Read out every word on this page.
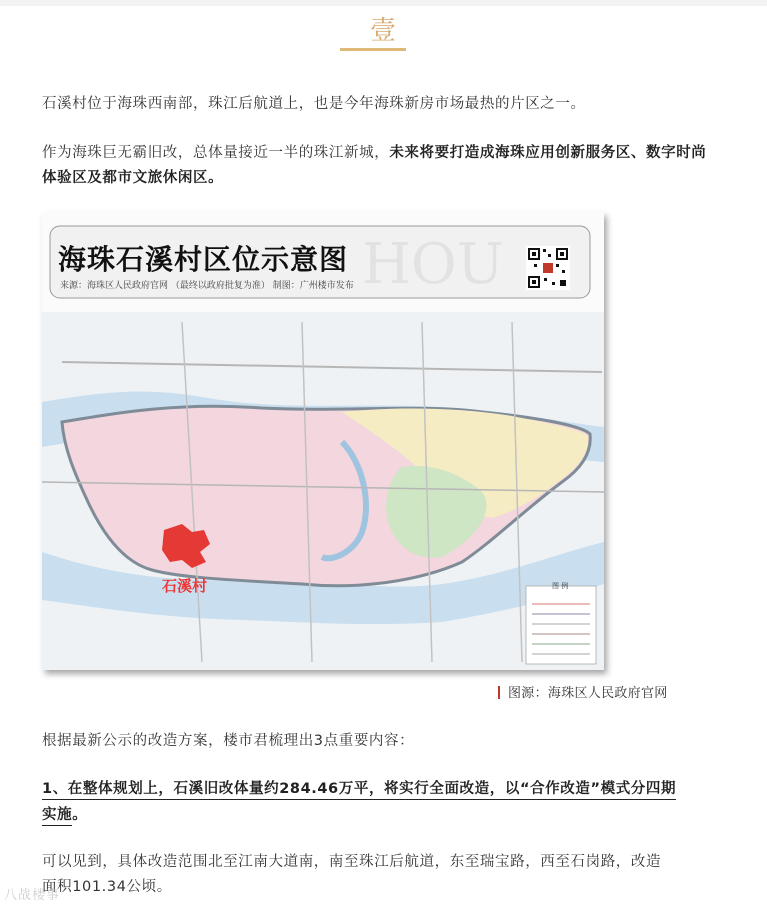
壹

石溪村位于海珠西南部，珠江后航道上，也是今年海珠新房市场最热的片区之一。

作为海珠巨无霸旧改，总体量接近一半的珠江新城，未来将要打造成海珠应用创新服务区、数字时尚体验区及都市文旅休闲区。

HOU
海珠石溪村区位示意图
来源：海珠区人民政府官网 （最终以政府批复为准） 制图：广州楼市发布
石溪村	图 例
图源：海珠区人民政府官网

根据最新公示的改造方案，楼市君梳理出3点重要内容：

1、在整体规划上，石溪旧改体量约284.46万平，将实行全面改造，以“合作改造”模式分四期
实施。

可以见到，具体改造范围北至江南大道南，南至珠江后航道，东至瑞宝路，西至石岗路，改造
面积101.34公顷。

八战楼事
